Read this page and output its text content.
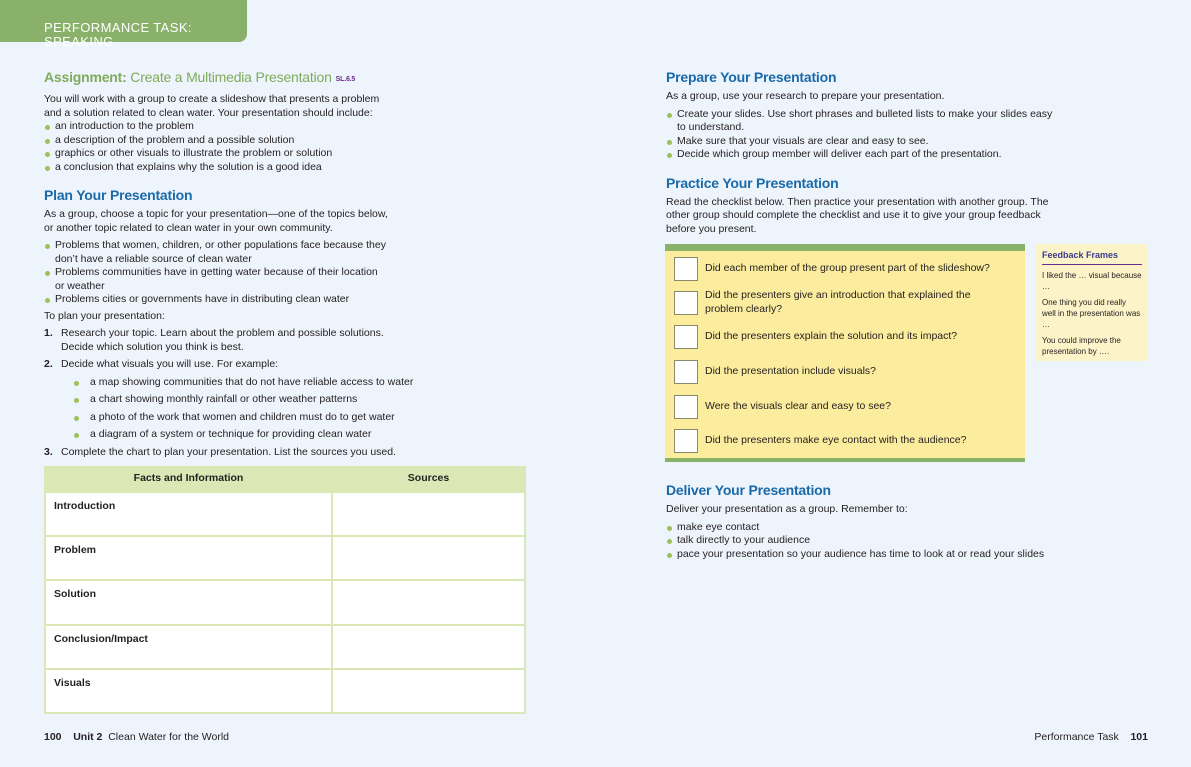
PERFORMANCE TASK: SPEAKING
Assignment: Create a Multimedia Presentation SL.6.5

You will work with a group to create a slideshow that presents a problem and a solution related to clean water. Your presentation should include:

an introduction to the problem
a description of the problem and a possible solution
graphics or other visuals to illustrate the problem or solution
a conclusion that explains why the solution is a good idea
Plan Your Presentation

As a group, choose a topic for your presentation—one of the topics below, or another topic related to clean water in your own community.

Problems that women, children, or other populations face because they don’t have a reliable source of clean water
Problems communities have in getting water because of their location or weather
Problems cities or governments have in distributing clean water

To plan your presentation:

1. Research your topic. Learn about the problem and possible solutions. Decide which solution you think is best.
2. Decide what visuals you will use. For example:
a map showing communities that do not have reliable access to water
a chart showing monthly rainfall or other weather patterns
a photo of the work that women and children must do to get water
a diagram of a system or technique for providing clean water
3. Complete the chart to plan your presentation. List the sources you used.
Facts and Information	Sources
Introduction	
Problem	
Solution	
Conclusion/Impact	
Visuals	
Prepare Your Presentation

As a group, use your research to prepare your presentation.

Create your slides. Use short phrases and bulleted lists to make your slides easy to understand.
Make sure that your visuals are clear and easy to see.
Decide which group member will deliver each part of the presentation.
Practice Your Presentation

Read the checklist below. Then practice your presentation with another group. The other group should complete the checklist and use it to give your group feedback before you present.

Did each member of the group present part of the slideshow?
Did the presenters give an introduction that explained the problem clearly?
Did the presenters explain the solution and its impact?
Did the presentation include visuals?
Were the visuals clear and easy to see?
Did the presenters make eye contact with the audience?
Feedback Frames

I liked the … visual because …

One thing you did really well in the presentation was …

You could improve the presentation by ….

Deliver Your Presentation

Deliver your presentation as a group. Remember to:

make eye contact
talk directly to your audience
pace your presentation so your audience has time to look at or read your slides
100 Unit 2 Clean Water for the World	Performance Task 101
